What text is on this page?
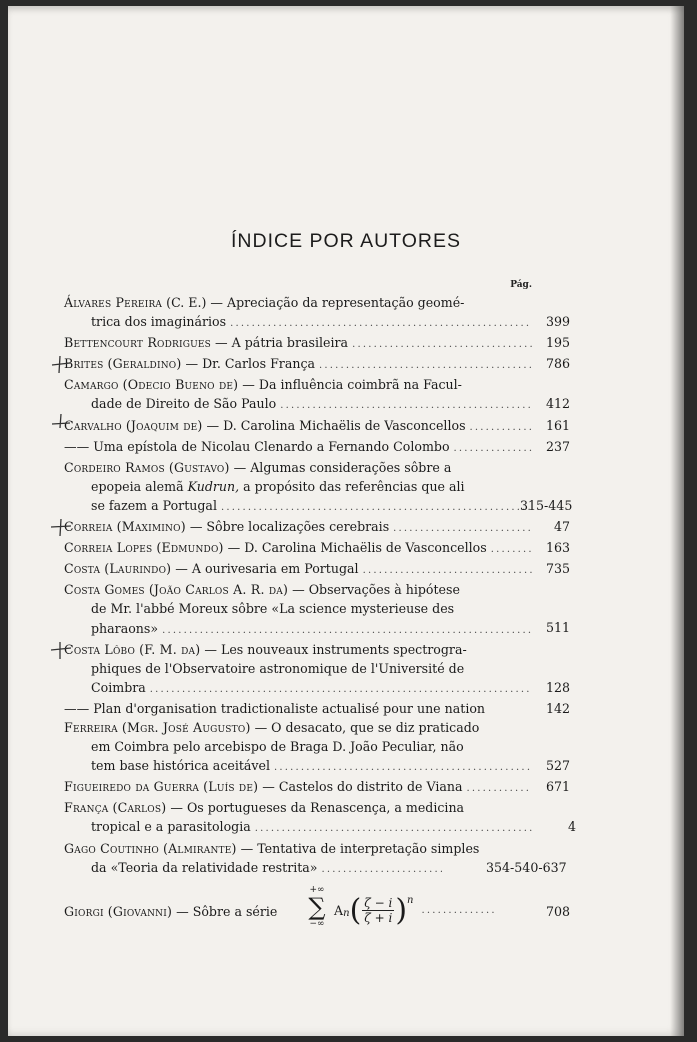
ÍNDICE POR AUTORES
Pág.
Álvares Pereira (C. E.) — Apreciação da representação geomé-
trica dos imaginários .....	399
Bettencourt Rodrigues — A pátria brasileira .....	195
Brites (Geraldino) — Dr. Carlos França .....	786
Camargo (Odecio Bueno de) — Da influência coimbrã na Facul-
dade de Direito de São Paulo .....	412
Carvalho (Joaquim de) — D. Carolina Michaëlis de Vasconcellos .....	161
—— Uma epístola de Nicolau Clenardo a Fernando Colombo .....	237
Cordeiro Ramos (Gustavo) — Algumas considerações sôbre a
epopeia alemã Kudrun, a propósito das referências que ali
se fazem a Portugal .....	315-445
Correia (Maximino) — Sôbre localizações cerebrais .....	47
Correia Lopes (Edmundo) — D. Carolina Michaëlis de Vasconcellos .....	163
Costa (Laurindo) — A ourivesaria em Portugal .....	735
Costa Gomes (João Carlos A. R. da) — Observações à hipótese
de Mr. l'abbé Moreux sôbre «La science mysterieuse des
pharaons» .....	511
Costa Lôbo (F. M. da) — Les nouveaux instruments spectrogra-
phiques de l'Observatoire astronomique de l'Université de
Coimbra .....	128
—— Plan d'organisation tradictionaliste actualisé pour une nation	142
Ferreira (Mgr. José Augusto) — O desacato, que se diz praticado
em Coimbra pelo arcebispo de Braga D. João Peculiar, não
tem base histórica aceitável .....	527
Figueiredo da Guerra (Luís de) — Castelos do distrito de Viana .....	671
França (Carlos) — Os portugueses da Renascença, a medicina
tropical e a parasitologia .....	4
Gago Coutinho (Almirante) — Tentativa de interpretação simples
da «Teoria da relatividade restrita» .....	354-540-637
Giorgi (Giovanni) — Sôbre a série
+∞
∑
−∞
A n ( $\frac{\zeta - i}{\zeta + i}$ ) n
..............	708
